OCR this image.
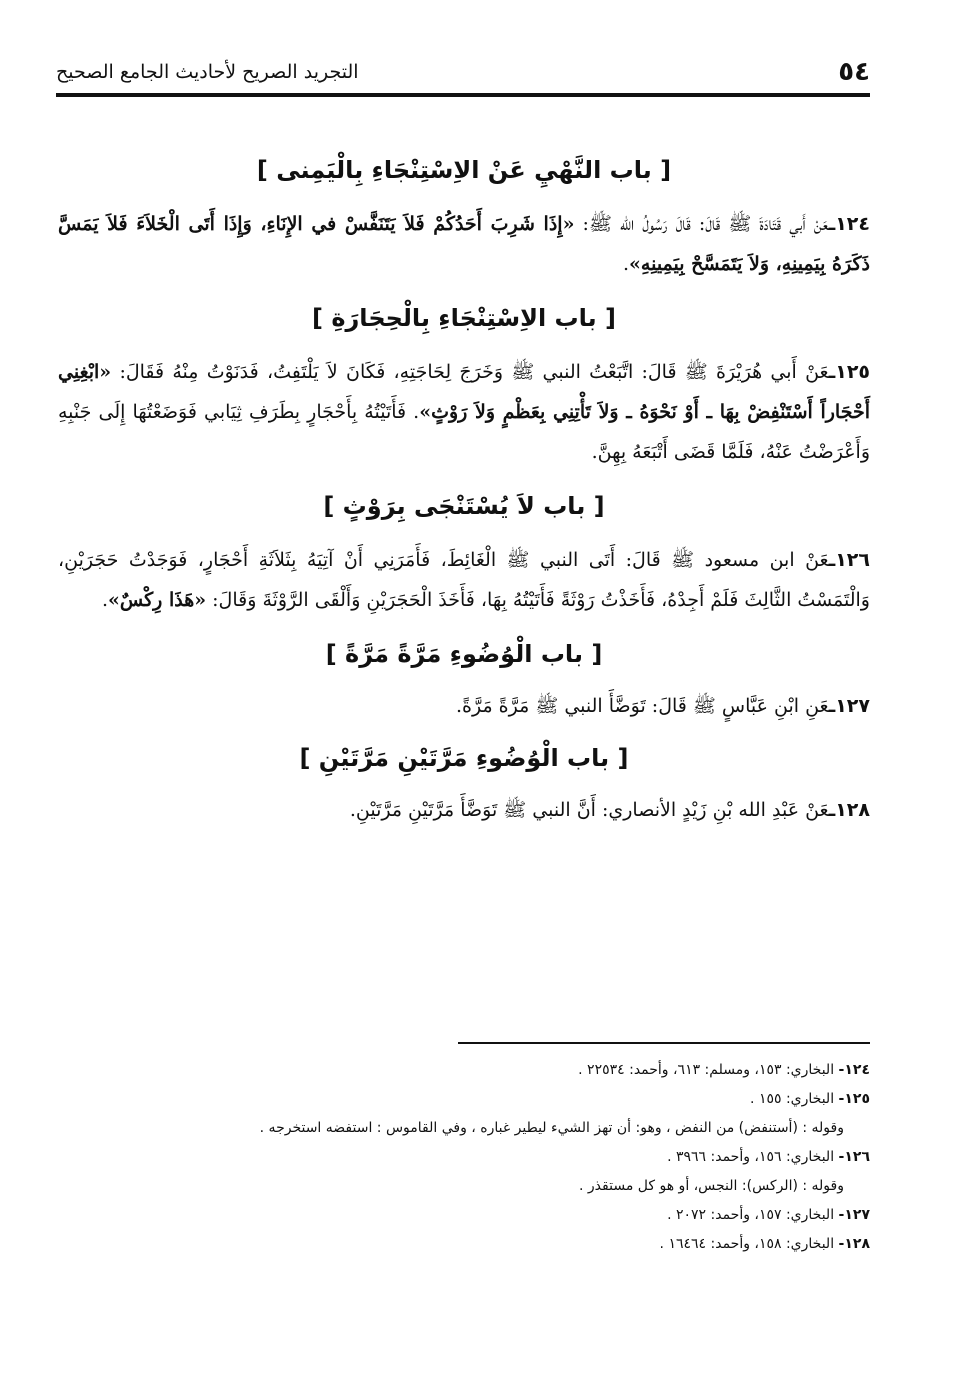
٥٤
التجريد الصريح لأحاديث الجامع الصحيح

[ باب النَّهْيِ عَنْ الاِسْتِنْجَاءِ بِالْيَمِنى ]

١٢٤ـعَنْ أَبي قَتَادَةَ ﷺ قَالَ: قَالَ رَسُولُ الله ﷺ: «إِذَا شَرِبَ أَحَدُكُمْ فَلاَ يَتَنَفَّسْ في الإِنَاءِ، وَإِذَا أَتَى الْخَلاَءَ فَلاَ يَمَسَّ ذَكَرَهُ بِيَمِينِهِ، وَلاَ يَتَمَسَّحْ بِيَمِينِهِ».

[ باب الاِسْتِنْجَاءِ بِالْحِجَارَةِ ]

١٢٥ـعَنْ أَبي هُرَيْرَةَ ﷺ قَالَ: اتَّبَعْتُ النبي ﷺ وَخَرَجَ لِحَاجَتِهِ، فَكَانَ لاَ يَلْتَفِتُ، فَدَنَوْتُ مِنْهُ فَقَالَ: «ابْغِنِي أَحْجَاراً أَسْتَنْفِضْ بِهَا ـ أَوْ نَحْوَهُ ـ وَلاَ تَأْتِنِي بِعَظْمٍ وَلاَ رَوْثٍ». فَأَتَيْتُهُ بِأَحْجَارٍ بِطَرَفِ ثِيَابي فَوَضَعْتُهَا إِلَى جَنْبِهِ وَأَعْرَضْتُ عَنْهُ، فَلَمَّا قَضَى أَتْبَعَهُ بِهِنَّ.

[ باب لاَ يُسْتَنْجَى بِرَوْثٍ ]

١٢٦ـعَنْ ابن مسعود ﷺ قَالَ: أَتَى النبي ﷺ الْغَائِطَ، فَأَمَرَنِي أَنْ آتِيَهُ بِثَلاَثَةِ أَحْجَارٍ، فَوَجَدْتُ حَجَرَيْنِ، وَالْتَمَسْتُ الثَّالِثَ فَلَمْ أَجِدْهُ، فَأَخَذْتُ رَوْثَةً فَأَتَيْتُهُ بِهَا، فَأَخَذَ الْحَجَرَيْنِ وَأَلْقَى الرَّوْثَةَ وَقَالَ: «هَذَا رِكْسٌ».

[ باب الْوُضُوءِ مَرَّةً مَرَّةً ]

١٢٧ـعَنِ ابْنِ عَبَّاسٍ ﷺ قَالَ: تَوَضَّأَ النبي ﷺ مَرَّةً مَرَّةً.

[ باب الْوُضُوءِ مَرَّتَيْنِ مَرَّتَيْنِ ]

١٢٨ـعَنْ عَبْدِ الله بْنِ زَيْدٍ الأنصاري: أَنَّ النبي ﷺ تَوَضَّأَ مَرَّتَيْنِ مَرَّتَيْنِ.

١٢٤- البخاري: ١٥٣، ومسلم: ٦١٣، وأحمد: ٢٢٥٣٤ .

١٢٥- البخاري: ١٥٥ .

وقوله : (أستنفض) من النفض ، وهو: أن تهز الشيء ليطير غباره ، وفي القاموس : استفضه استخرجه .

١٢٦- البخاري: ١٥٦، وأحمد: ٣٩٦٦ .

وقوله : (الركس): النجس، أو هو كل مستقذر .

١٢٧- البخاري: ١٥٧، وأحمد: ٢٠٧٢ .

١٢٨- البخاري: ١٥٨، وأحمد: ١٦٤٦٤ .
